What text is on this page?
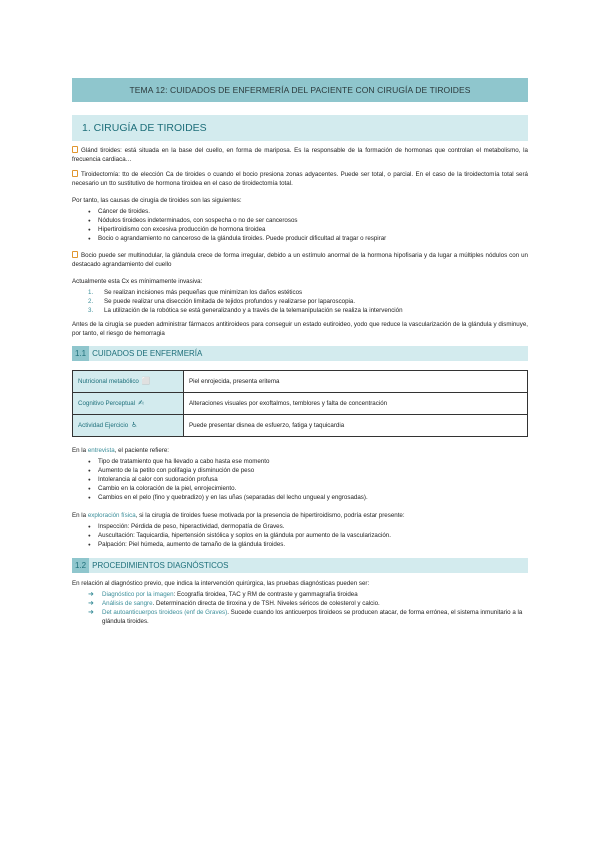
TEMA 12: CUIDADOS DE ENFERMERÍA DEL PACIENTE CON CIRUGÍA DE TIROIDES
1. CIRUGÍA DE TIROIDES

Glánd tiroides: está situada en la base del cuello, en forma de mariposa. Es la responsable de la formación de hormonas que controlan el metabolismo, la frecuencia cardiaca…

Tiroidectomía: tto de elección Ca de tiroides o cuando el bocio presiona zonas adyacentes. Puede ser total, o parcial. En el caso de la tiroidectomía total será necesario un tto sustitutivo de hormona tiroidea en el caso de tiroidectomía total.

Por tanto, las causas de cirugía de tiroides son las siguientes:

● Cáncer de tiroides.
● Nódulos tiroideos indeterminados, con sospecha o no de ser cancerosos
● Hipertiroidismo con excesiva producción de hormona tiroidea
● Bocio o agrandamiento no canceroso de la glándula tiroides. Puede producir dificultad al tragar o respirar

Bocio puede ser multinodular, la glándula crece de forma irregular, debido a un estímulo anormal de la hormona hipofisaria y da lugar a múltiples nódulos con un destacado agrandamiento del cuello

Actualmente esta Cx es mínimamente invasiva:

1. Se realizan incisiones más pequeñas que minimizan los daños estéticos
2. Se puede realizar una disección limitada de tejidos profundos y realizarse por laparoscopia.
3. La utilización de la robótica se está generalizando y a través de la telemanipulación se realiza la intervención

Antes de la cirugía se pueden administrar fármacos antitiroideos para conseguir un estado eutiroideo, yodo que reduce la vascularización de la glándula y disminuye, por tanto, el riesgo de hemorragia

1.1 CUIDADOS DE ENFERMERÍA
Nutricional metabólico ⬜	Piel enrojecida, presenta eritema
Cognitivo Perceptual ✍	Alteraciones visuales por exoftalmos, temblores y falta de concentración
Actividad Ejercicio ♿	Puede presentar disnea de esfuerzo, fatiga y taquicardia

En la entrevista, el paciente refiere:

● Tipo de tratamiento que ha llevado a cabo hasta ese momento
● Aumento de la petito con polifagia y disminución de peso
● Intolerancia al calor con sudoración profusa
● Cambio en la coloración de la piel, enrojecimiento.
● Cambios en el pelo (fino y quebradizo) y en las uñas (separadas del lecho ungueal y engrosadas).

En la exploración física, si la cirugía de tiroides fuese motivada por la presencia de hipertiroidismo, podría estar presente:

● Inspección: Pérdida de peso, hiperactividad, dermopatía de Graves.
● Auscultación: Taquicardia, hipertensión sistólica y soplos en la glándula por aumento de la vascularización.
● Palpación: Piel húmeda, aumento de tamaño de la glándula tiroides.
1.2 PROCEDIMIENTOS DIAGNÓSTICOS

En relación al diagnóstico previo, que indica la intervención quirúrgica, las pruebas diagnósticas pueden ser:

➜ Diagnóstico por la imagen: Ecografía tiroidea, TAC y RM de contraste y gammagrafía tiroidea
➜ Análisis de sangre. Determinación directa de tiroxina y de TSH. Niveles séricos de colesterol y calcio.
➜ Det autoanticuerpos tiroideos (enf de Graves). Sucede cuando los anticuerpos tiroideos se producen atacar, de forma errónea, el sistema inmunitario a la glándula tiroides.
